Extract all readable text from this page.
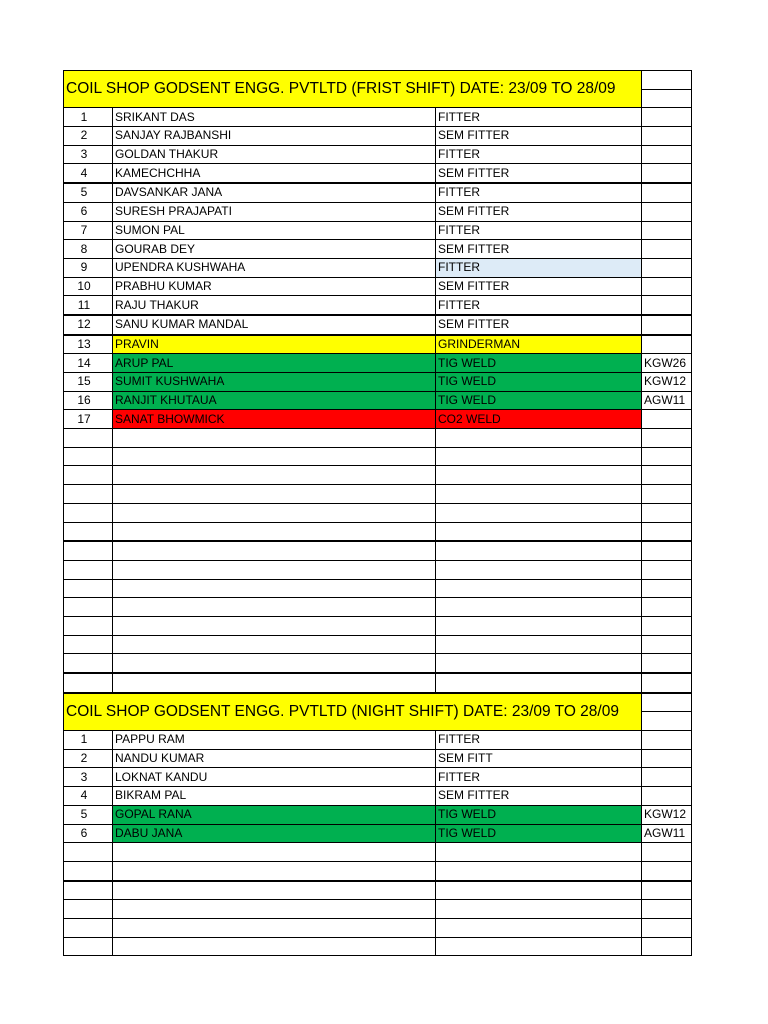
COIL SHOP GODSENT ENGG. PVTLTD (FRIST SHIFT) DATE: 23/09 TO 28/09			

1	SRIKANT DAS	FITTER	
2	SANJAY RAJBANSHI	SEM FITTER	
3	GOLDAN THAKUR	FITTER	
4	KAMECHCHHA	SEM FITTER	
5	DAVSANKAR JANA	FITTER	
6	SURESH PRAJAPATI	SEM FITTER	
7	SUMON PAL	FITTER	
8	GOURAB DEY	SEM FITTER	
9	UPENDRA KUSHWAHA	FITTER	
10	PRABHU KUMAR	SEM FITTER	
11	RAJU THAKUR	FITTER	
12	SANU KUMAR MANDAL	SEM FITTER	
13	PRAVIN	GRINDERMAN	
14	ARUP PAL	TIG WELD	KGW26
15	SUMIT KUSHWAHA	TIG WELD	KGW12
16	RANJIT KHUTAUA	TIG WELD	AGW11
17	SANAT BHOWMICK	CO2 WELD	

COIL SHOP GODSENT ENGG. PVTLTD (NIGHT SHIFT) DATE: 23/09 TO 28/09			

1	PAPPU RAM	FITTER	
2	NANDU KUMAR	SEM FITT	
3	LOKNAT KANDU	FITTER	
4	BIKRAM PAL	SEM FITTER	
5	GOPAL RANA	TIG WELD	KGW12
6	DABU JANA	TIG WELD	AGW11
